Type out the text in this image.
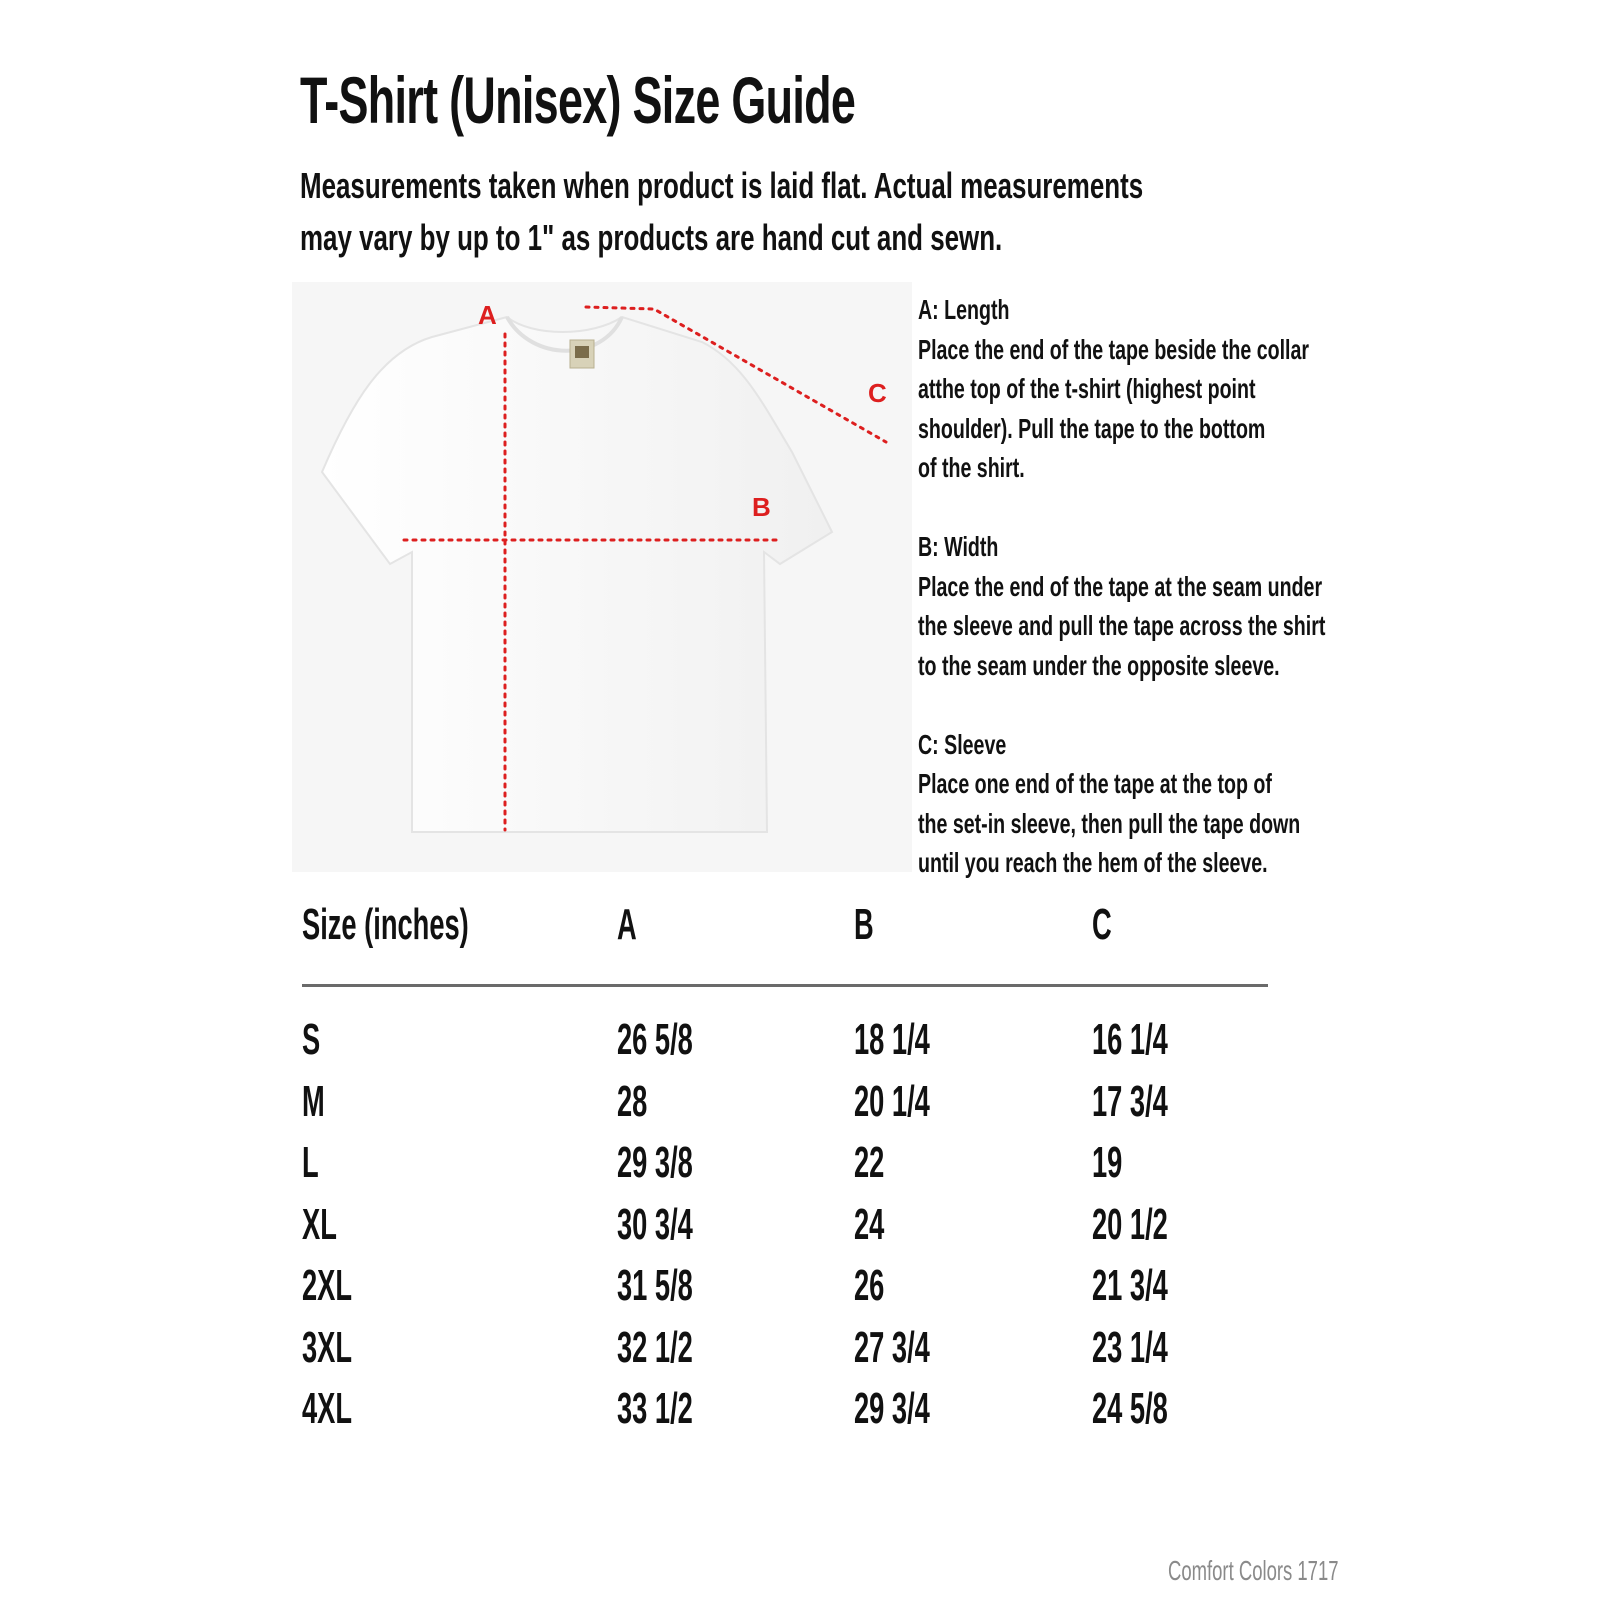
T-Shirt (Unisex) Size Guide
Measurements taken when product is laid flat. Actual measurements
may vary by up to 1" as products are hand cut and sewn.
A
B
C
A: Length
Place the end of the tape beside the collar
atthe top of the t-shirt (highest point
shoulder). Pull the tape to the bottom
of the shirt.
B: Width
Place the end of the tape at the seam under
the sleeve and pull the tape across the shirt
to the seam under the opposite sleeve.
C: Sleeve
Place one end of the tape at the top of
the set-in sleeve, then pull the tape down
until you reach the hem of the sleeve.
Size (inches)	A	B	C
S	26 5/8	18 1/4	16 1/4
M	28	20 1/4	17 3/4
L	29 3/8	22	19
XL	30 3/4	24	20 1/2
2XL	31 5/8	26	21 3/4
3XL	32 1/2	27 3/4	23 1/4
4XL	33 1/2	29 3/4	24 5/8
Comfort Colors 1717
